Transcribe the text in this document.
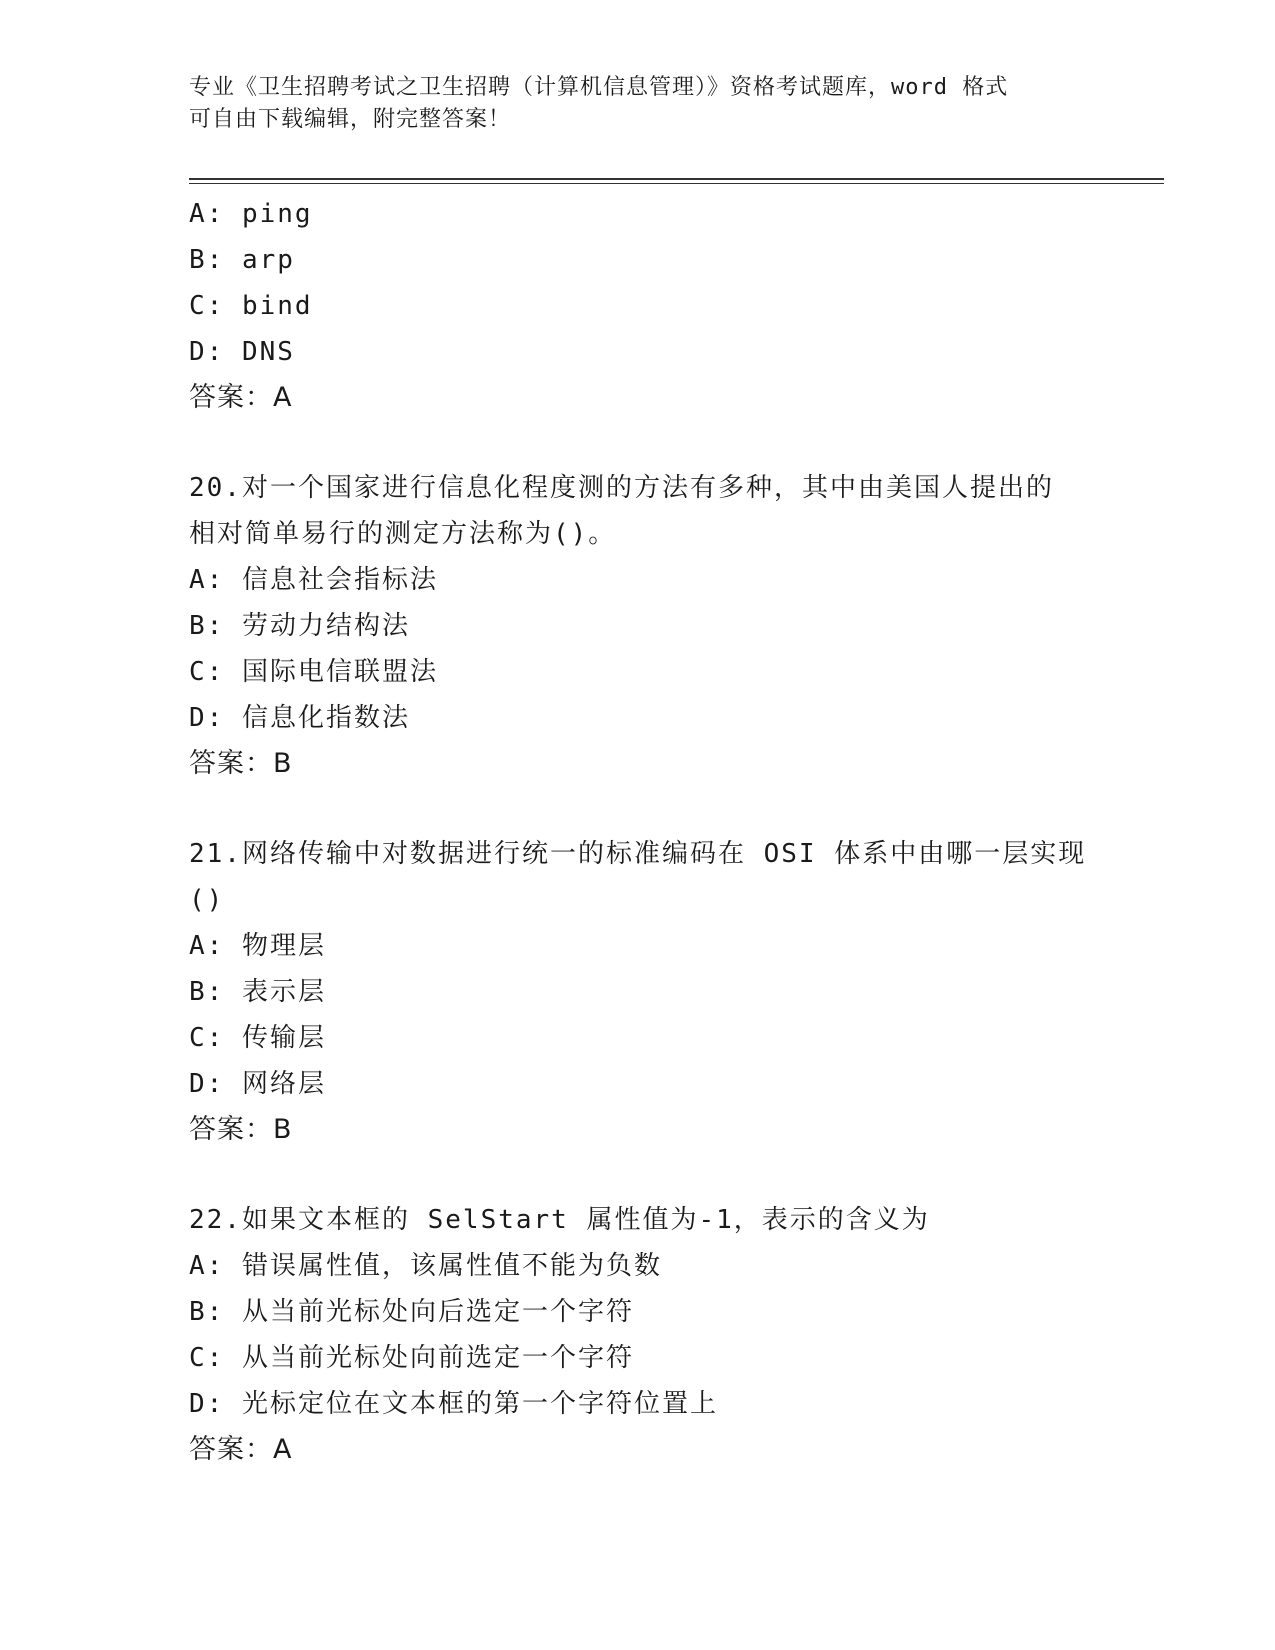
专业《卫生招聘考试之卫生招聘（计算机信息管理）》资格考试题库，word 格式
可自由下载编辑，附完整答案！
A: ping
B: arp
C: bind
D: DNS
答案：A
20.对一个国家进行信息化程度测的方法有多种，其中由美国人提出的
相对简单易行的测定方法称为()。
A: 信息社会指标法
B: 劳动力结构法
C: 国际电信联盟法
D: 信息化指数法
答案：B
21.网络传输中对数据进行统一的标准编码在 OSI 体系中由哪一层实现
()
A: 物理层
B: 表示层
C: 传输层
D: 网络层
答案：B
22.如果文本框的 SelStart 属性值为-1，表示的含义为
A: 错误属性值，该属性值不能为负数
B: 从当前光标处向后选定一个字符
C: 从当前光标处向前选定一个字符
D: 光标定位在文本框的第一个字符位置上
答案：A
